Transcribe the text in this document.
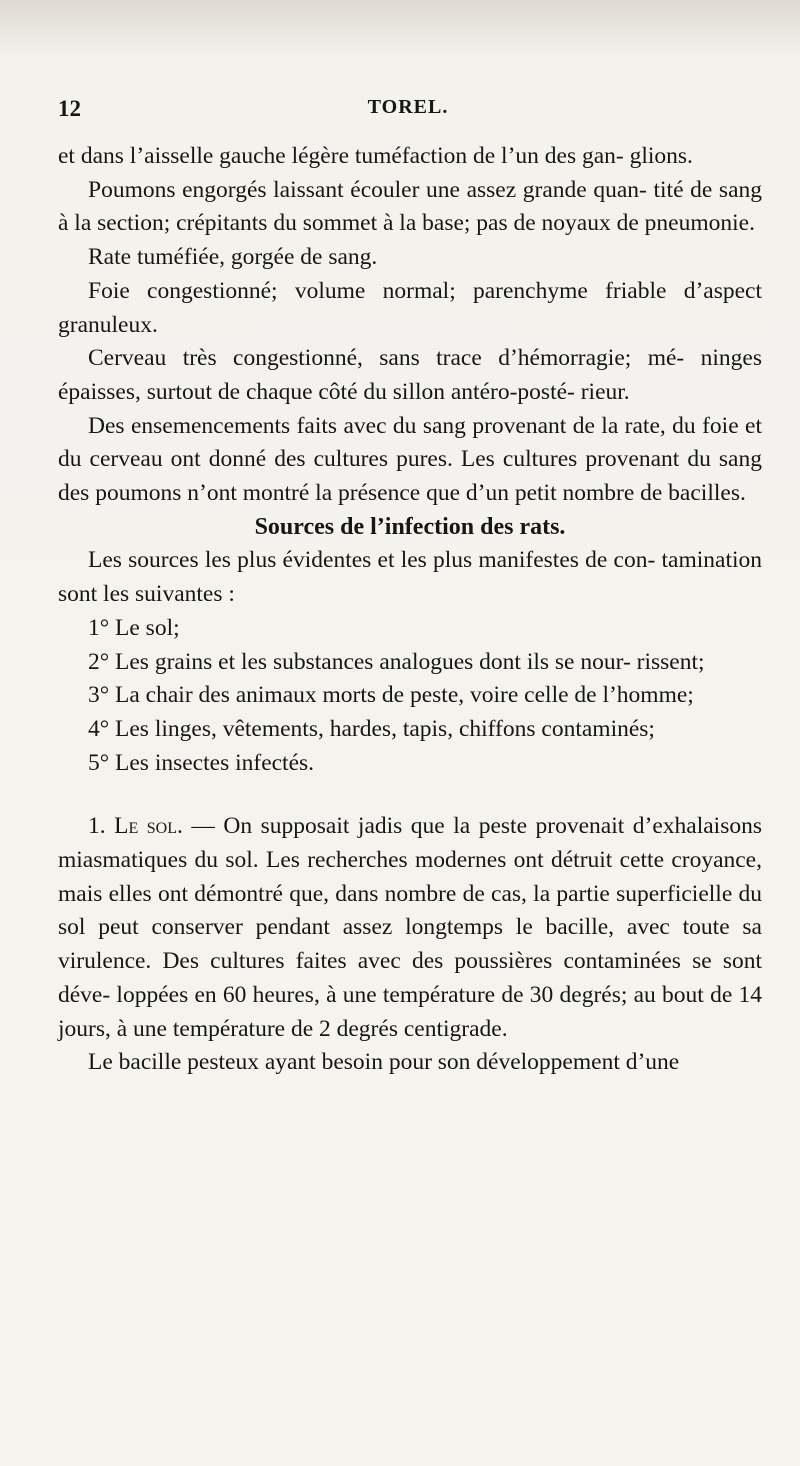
12	TOREL.

et dans l’aisselle gauche légère tuméfaction de l’un des gan- glions.

Poumons engorgés laissant écouler une assez grande quan- tité de sang à la section; crépitants du sommet à la base; pas de noyaux de pneumonie.

Rate tuméfiée, gorgée de sang.

Foie congestionné; volume normal; parenchyme friable d’aspect granuleux.

Cerveau très congestionné, sans trace d’hémorragie; mé- ninges épaisses, surtout de chaque côté du sillon antéro-posté- rieur.

Des ensemencements faits avec du sang provenant de la rate, du foie et du cerveau ont donné des cultures pures. Les cultures provenant du sang des poumons n’ont montré la présence que d’un petit nombre de bacilles.

Sources de l’infection des rats.

Les sources les plus évidentes et les plus manifestes de con- tamination sont les suivantes :

1° Le sol;

2° Les grains et les substances analogues dont ils se nour- rissent;

3° La chair des animaux morts de peste, voire celle de l’homme;

4° Les linges, vêtements, hardes, tapis, chiffons contaminés;

5° Les insectes infectés.

1. Le sol. — On supposait jadis que la peste provenait d’exhalaisons miasmatiques du sol. Les recherches modernes ont détruit cette croyance, mais elles ont démontré que, dans nombre de cas, la partie superficielle du sol peut conserver pendant assez longtemps le bacille, avec toute sa virulence. Des cultures faites avec des poussières contaminées se sont déve- loppées en 60 heures, à une température de 30 degrés; au bout de 14 jours, à une température de 2 degrés centigrade.

Le bacille pesteux ayant besoin pour son développement d’une
